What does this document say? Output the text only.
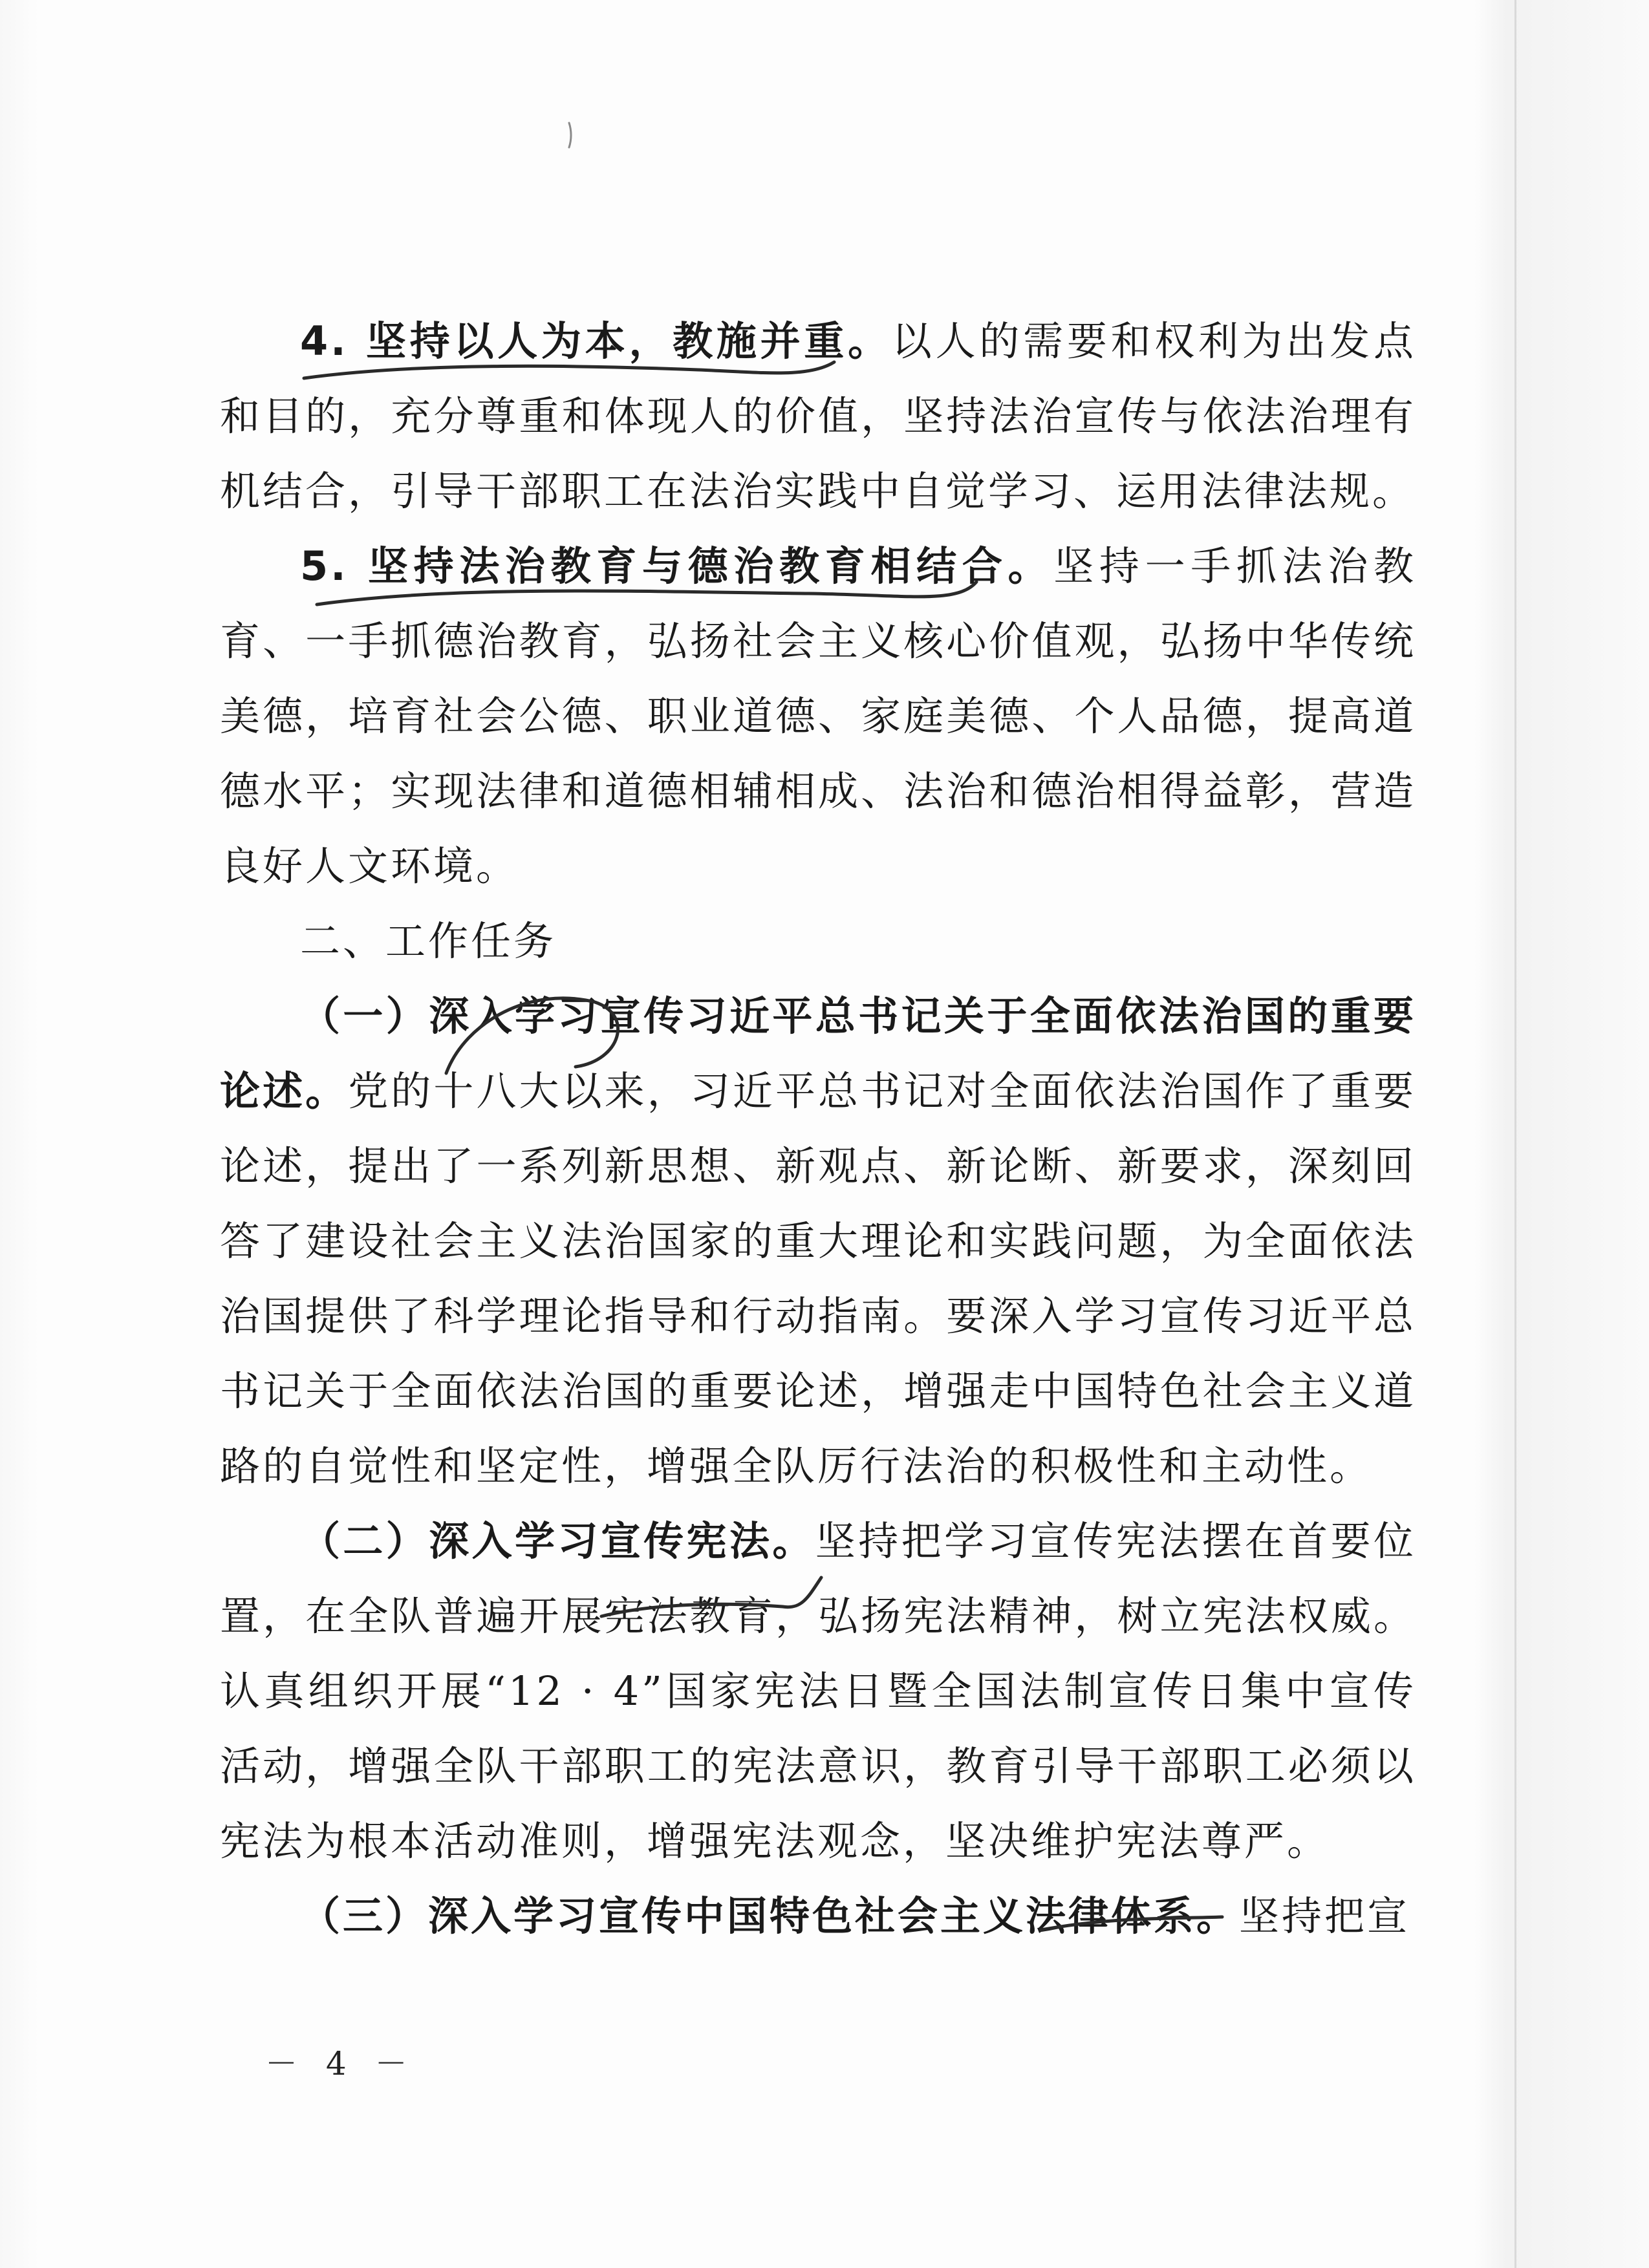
4. 坚持以人为本，教施并重。以人的需要和权利为出发点和目的，充分尊重和体现人的价值，坚持法治宣传与依法治理有机结合，引导干部职工在法治实践中自觉学习、运用法律法规。

5. 坚持法治教育与德治教育相结合。坚持一手抓法治教育、一手抓德治教育，弘扬社会主义核心价值观，弘扬中华传统美德，培育社会公德、职业道德、家庭美德、个人品德，提高道德水平；实现法律和道德相辅相成、法治和德治相得益彰，营造良好人文环境。

二、工作任务

（一）深入学习宣传习近平总书记关于全面依法治国的重要论述。党的十八大以来，习近平总书记对全面依法治国作了重要论述，提出了一系列新思想、新观点、新论断、新要求，深刻回答了建设社会主义法治国家的重大理论和实践问题，为全面依法治国提供了科学理论指导和行动指南。要深入学习宣传习近平总书记关于全面依法治国的重要论述，增强走中国特色社会主义道路的自觉性和坚定性，增强全队厉行法治的积极性和主动性。

（二）深入学习宣传宪法。坚持把学习宣传宪法摆在首要位置，在全队普遍开展宪法教育，弘扬宪法精神，树立宪法权威。认真组织开展“12 · 4”国家宪法日暨全国法制宣传日集中宣传活动，增强全队干部职工的宪法意识，教育引导干部职工必须以宪法为根本活动准则，增强宪法观念，坚决维护宪法尊严。

（三）深入学习宣传中国特色社会主义法律体系。坚持把宣

－ 4 －
